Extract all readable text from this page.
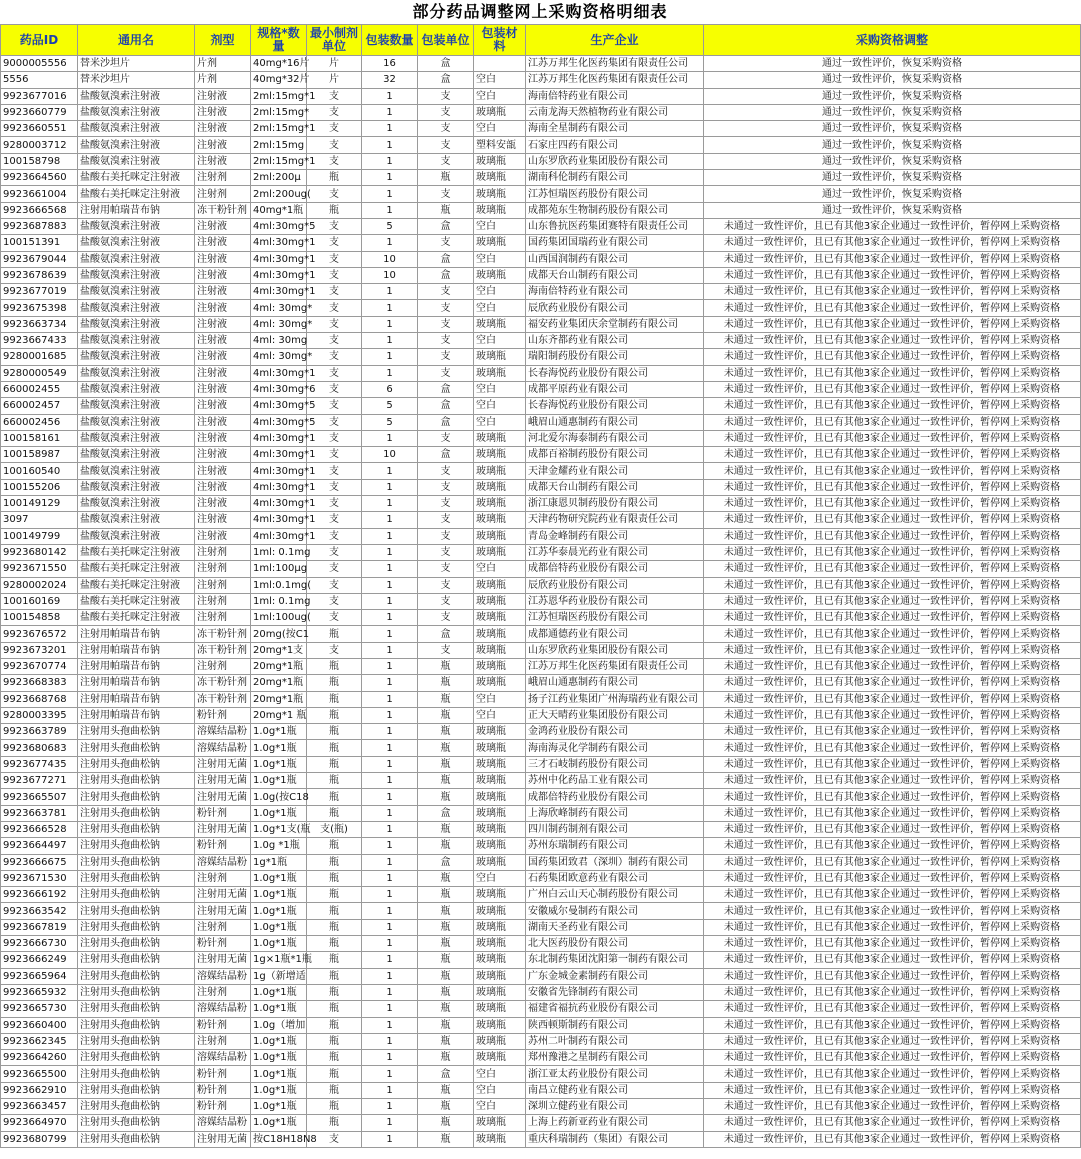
部分药品调整网上采购资格明细表
药品ID	通用名	剂型	规格*数量	最小制剂单位	包装数量	包装单位	包装材料	生产企业	采购资格调整
9000005556	替米沙坦片	片剂	40mg*16片	片	16	盒		江苏万邦生化医药集团有限责任公司	通过一致性评价，恢复采购资格
5556	替米沙坦片	片剂	40mg*32片	片	32	盒	空白	江苏万邦生化医药集团有限责任公司	通过一致性评价，恢复采购资格
9923677016	盐酸氨溴索注射液	注射液	2ml:15mg*1	支	1	支	空白	海南倍特药业有限公司	通过一致性评价，恢复采购资格
9923660779	盐酸氨溴索注射液	注射液	2ml:15mg*	支	1	支	玻璃瓶	云南龙海天然植物药业有限公司	通过一致性评价，恢复采购资格
9923660551	盐酸氨溴索注射液	注射液	2ml:15mg*1	支	1	支	空白	海南全星制药有限公司	通过一致性评价，恢复采购资格
9280003712	盐酸氨溴索注射液	注射液	2ml:15mg	支	1	支	塑料安瓿	石家庄四药有限公司	通过一致性评价，恢复采购资格
100158798	盐酸氨溴索注射液	注射液	2ml:15mg*1	支	1	支	玻璃瓶	山东罗欣药业集团股份有限公司	通过一致性评价，恢复采购资格
9923664560	盐酸右美托咪定注射液	注射剂	2ml:200μ	瓶	1	瓶	玻璃瓶	湖南科伦制药有限公司	通过一致性评价，恢复采购资格
9923661004	盐酸右美托咪定注射液	注射剂	2ml:200ug(	支	1	支	玻璃瓶	江苏恒瑞医药股份有限公司	通过一致性评价，恢复采购资格
9923666568	注射用帕瑞昔布钠	冻干粉针剂	40mg*1瓶	瓶	1	瓶	玻璃瓶	成都苑东生物制药股份有限公司	通过一致性评价，恢复采购资格
9923687883	盐酸氨溴索注射液	注射液	4ml:30mg*5	支	5	盒	空白	山东鲁抗医药集团赛特有限责任公司	未通过一致性评价，且已有其他3家企业通过一致性评价，暂停网上采购资格
100151391	盐酸氨溴索注射液	注射液	4ml:30mg*1	支	1	支	玻璃瓶	国药集团国瑞药业有限公司	未通过一致性评价，且已有其他3家企业通过一致性评价，暂停网上采购资格
9923679044	盐酸氨溴索注射液	注射液	4ml:30mg*1	支	10	盒	空白	山西国润制药有限公司	未通过一致性评价，且已有其他3家企业通过一致性评价，暂停网上采购资格
9923678639	盐酸氨溴索注射液	注射液	4ml:30mg*1	支	10	盒	玻璃瓶	成都天台山制药有限公司	未通过一致性评价，且已有其他3家企业通过一致性评价，暂停网上采购资格
9923677019	盐酸氨溴索注射液	注射液	4ml:30mg*1	支	1	支	空白	海南倍特药业有限公司	未通过一致性评价，且已有其他3家企业通过一致性评价，暂停网上采购资格
9923675398	盐酸氨溴索注射液	注射液	4ml: 30mg*	支	1	支	空白	辰欣药业股份有限公司	未通过一致性评价，且已有其他3家企业通过一致性评价，暂停网上采购资格
9923663734	盐酸氨溴索注射液	注射液	4ml: 30mg*	支	1	支	玻璃瓶	福安药业集团庆余堂制药有限公司	未通过一致性评价，且已有其他3家企业通过一致性评价，暂停网上采购资格
9923667433	盐酸氨溴索注射液	注射液	4ml: 30mg	支	1	支	空白	山东齐都药业有限公司	未通过一致性评价，且已有其他3家企业通过一致性评价，暂停网上采购资格
9280001685	盐酸氨溴索注射液	注射液	4ml: 30mg*	支	1	支	玻璃瓶	瑞阳制药股份有限公司	未通过一致性评价，且已有其他3家企业通过一致性评价，暂停网上采购资格
9280000549	盐酸氨溴索注射液	注射液	4ml:30mg*1	支	1	支	玻璃瓶	长春海悦药业股份有限公司	未通过一致性评价，且已有其他3家企业通过一致性评价，暂停网上采购资格
660002455	盐酸氨溴索注射液	注射液	4ml:30mg*6	支	6	盒	空白	成都平原药业有限公司	未通过一致性评价，且已有其他3家企业通过一致性评价，暂停网上采购资格
660002457	盐酸氨溴索注射液	注射液	4ml:30mg*5	支	5	盒	空白	长春海悦药业股份有限公司	未通过一致性评价，且已有其他3家企业通过一致性评价，暂停网上采购资格
660002456	盐酸氨溴索注射液	注射液	4ml:30mg*5	支	5	盒	空白	峨眉山通惠制药有限公司	未通过一致性评价，且已有其他3家企业通过一致性评价，暂停网上采购资格
100158161	盐酸氨溴索注射液	注射液	4ml:30mg*1	支	1	支	玻璃瓶	河北爱尔海泰制药有限公司	未通过一致性评价，且已有其他3家企业通过一致性评价，暂停网上采购资格
100158987	盐酸氨溴索注射液	注射液	4ml:30mg*1	支	10	盒	玻璃瓶	成都百裕制药股份有限公司	未通过一致性评价，且已有其他3家企业通过一致性评价，暂停网上采购资格
100160540	盐酸氨溴索注射液	注射液	4ml:30mg*1	支	1	支	玻璃瓶	天津金耀药业有限公司	未通过一致性评价，且已有其他3家企业通过一致性评价，暂停网上采购资格
100155206	盐酸氨溴索注射液	注射液	4ml:30mg*1	支	1	支	玻璃瓶	成都天台山制药有限公司	未通过一致性评价，且已有其他3家企业通过一致性评价，暂停网上采购资格
100149129	盐酸氨溴索注射液	注射液	4ml:30mg*1	支	1	支	玻璃瓶	浙江康恩贝制药股份有限公司	未通过一致性评价，且已有其他3家企业通过一致性评价，暂停网上采购资格
3097	盐酸氨溴索注射液	注射液	4ml:30mg*1	支	1	支	玻璃瓶	天津药物研究院药业有限责任公司	未通过一致性评价，且已有其他3家企业通过一致性评价，暂停网上采购资格
100149799	盐酸氨溴索注射液	注射液	4ml:30mg*1	支	1	支	玻璃瓶	青岛金峰制药有限公司	未通过一致性评价，且已有其他3家企业通过一致性评价，暂停网上采购资格
9923680142	盐酸右美托咪定注射液	注射剂	1ml: 0.1mg	支	1	支	玻璃瓶	江苏华泰晨光药业有限公司	未通过一致性评价，且已有其他3家企业通过一致性评价，暂停网上采购资格
9923671550	盐酸右美托咪定注射液	注射剂	1ml:100μg	支	1	支	空白	成都倍特药业股份有限公司	未通过一致性评价，且已有其他3家企业通过一致性评价，暂停网上采购资格
9280002024	盐酸右美托咪定注射液	注射剂	1ml:0.1mg(	支	1	支	玻璃瓶	辰欣药业股份有限公司	未通过一致性评价，且已有其他3家企业通过一致性评价，暂停网上采购资格
100160169	盐酸右美托咪定注射液	注射剂	1ml: 0.1mg	支	1	支	玻璃瓶	江苏恩华药业股份有限公司	未通过一致性评价，且已有其他3家企业通过一致性评价，暂停网上采购资格
100154858	盐酸右美托咪定注射液	注射剂	1ml:100ug(	支	1	支	玻璃瓶	江苏恒瑞医药股份有限公司	未通过一致性评价，且已有其他3家企业通过一致性评价，暂停网上采购资格
9923676572	注射用帕瑞昔布钠	冻干粉针剂	20mg(按C1	瓶	1	盒	玻璃瓶	成都通德药业有限公司	未通过一致性评价，且已有其他3家企业通过一致性评价，暂停网上采购资格
9923673201	注射用帕瑞昔布钠	冻干粉针剂	20mg*1支	支	1	支	玻璃瓶	山东罗欣药业集团股份有限公司	未通过一致性评价，且已有其他3家企业通过一致性评价，暂停网上采购资格
9923670774	注射用帕瑞昔布钠	注射剂	20mg*1瓶	瓶	1	瓶	玻璃瓶	江苏万邦生化医药集团有限责任公司	未通过一致性评价，且已有其他3家企业通过一致性评价，暂停网上采购资格
9923668383	注射用帕瑞昔布钠	冻干粉针剂	20mg*1瓶	瓶	1	瓶	玻璃瓶	峨眉山通惠制药有限公司	未通过一致性评价，且已有其他3家企业通过一致性评价，暂停网上采购资格
9923668768	注射用帕瑞昔布钠	冻干粉针剂	20mg*1瓶	瓶	1	瓶	空白	扬子江药业集团广州海瑞药业有限公司	未通过一致性评价，且已有其他3家企业通过一致性评价，暂停网上采购资格
9280003395	注射用帕瑞昔布钠	粉针剂	20mg*1 瓶	瓶	1	瓶	空白	正大天晴药业集团股份有限公司	未通过一致性评价，且已有其他3家企业通过一致性评价，暂停网上采购资格
9923663789	注射用头孢曲松钠	溶媒结晶粉	1.0g*1瓶	瓶	1	瓶	玻璃瓶	金鸿药业股份有限公司	未通过一致性评价，且已有其他3家企业通过一致性评价，暂停网上采购资格
9923680683	注射用头孢曲松钠	溶媒结晶粉	1.0g*1瓶	瓶	1	瓶	玻璃瓶	海南海灵化学制药有限公司	未通过一致性评价，且已有其他3家企业通过一致性评价，暂停网上采购资格
9923677435	注射用头孢曲松钠	注射用无菌	1.0g*1瓶	瓶	1	瓶	玻璃瓶	三才石岐制药股份有限公司	未通过一致性评价，且已有其他3家企业通过一致性评价，暂停网上采购资格
9923677271	注射用头孢曲松钠	注射用无菌	1.0g*1瓶	瓶	1	瓶	玻璃瓶	苏州中化药品工业有限公司	未通过一致性评价，且已有其他3家企业通过一致性评价，暂停网上采购资格
9923665507	注射用头孢曲松钠	注射用无菌	1.0g(按C18	瓶	1	瓶	玻璃瓶	成都倍特药业股份有限公司	未通过一致性评价，且已有其他3家企业通过一致性评价，暂停网上采购资格
9923663781	注射用头孢曲松钠	粉针剂	1.0g*1瓶	瓶	1	盒	玻璃瓶	上海欣峰制药有限公司	未通过一致性评价，且已有其他3家企业通过一致性评价，暂停网上采购资格
9923666528	注射用头孢曲松钠	注射用无菌	1.0g*1支(瓶	支(瓶)	1	瓶	玻璃瓶	四川制药制剂有限公司	未通过一致性评价，且已有其他3家企业通过一致性评价，暂停网上采购资格
9923664497	注射用头孢曲松钠	粉针剂	1.0g *1瓶	瓶	1	瓶	玻璃瓶	苏州东瑞制药有限公司	未通过一致性评价，且已有其他3家企业通过一致性评价，暂停网上采购资格
9923666675	注射用头孢曲松钠	溶媒结晶粉	1g*1瓶	瓶	1	盒	玻璃瓶	国药集团致君（深圳）制药有限公司	未通过一致性评价，且已有其他3家企业通过一致性评价，暂停网上采购资格
9923671530	注射用头孢曲松钠	注射剂	1.0g*1瓶	瓶	1	瓶	空白	石药集团欧意药业有限公司	未通过一致性评价，且已有其他3家企业通过一致性评价，暂停网上采购资格
9923666192	注射用头孢曲松钠	注射用无菌	1.0g*1瓶	瓶	1	瓶	玻璃瓶	广州白云山天心制药股份有限公司	未通过一致性评价，且已有其他3家企业通过一致性评价，暂停网上采购资格
9923663542	注射用头孢曲松钠	注射用无菌	1.0g*1瓶	瓶	1	瓶	玻璃瓶	安徽威尔曼制药有限公司	未通过一致性评价，且已有其他3家企业通过一致性评价，暂停网上采购资格
9923667819	注射用头孢曲松钠	注射剂	1.0g*1瓶	瓶	1	瓶	玻璃瓶	湖南天圣药业有限公司	未通过一致性评价，且已有其他3家企业通过一致性评价，暂停网上采购资格
9923666730	注射用头孢曲松钠	粉针剂	1.0g*1瓶	瓶	1	瓶	玻璃瓶	北大医药股份有限公司	未通过一致性评价，且已有其他3家企业通过一致性评价，暂停网上采购资格
9923666249	注射用头孢曲松钠	注射用无菌	1g×1瓶*1瓶	瓶	1	瓶	玻璃瓶	东北制药集团沈阳第一制药有限公司	未通过一致性评价，且已有其他3家企业通过一致性评价，暂停网上采购资格
9923665964	注射用头孢曲松钠	溶媒结晶粉	1g（新增适	瓶	1	瓶	玻璃瓶	广东金城金素制药有限公司	未通过一致性评价，且已有其他3家企业通过一致性评价，暂停网上采购资格
9923665932	注射用头孢曲松钠	注射剂	1.0g*1瓶	瓶	1	瓶	玻璃瓶	安徽省先锋制药有限公司	未通过一致性评价，且已有其他3家企业通过一致性评价，暂停网上采购资格
9923665730	注射用头孢曲松钠	溶媒结晶粉	1.0g*1瓶	瓶	1	瓶	玻璃瓶	福建省福抗药业股份有限公司	未通过一致性评价，且已有其他3家企业通过一致性评价，暂停网上采购资格
9923660400	注射用头孢曲松钠	粉针剂	1.0g（增加	瓶	1	瓶	玻璃瓶	陕西顿斯制药有限公司	未通过一致性评价，且已有其他3家企业通过一致性评价，暂停网上采购资格
9923662345	注射用头孢曲松钠	注射剂	1.0g*1瓶	瓶	1	瓶	玻璃瓶	苏州二叶制药有限公司	未通过一致性评价，且已有其他3家企业通过一致性评价，暂停网上采购资格
9923664260	注射用头孢曲松钠	溶媒结晶粉	1.0g*1瓶	瓶	1	瓶	玻璃瓶	郑州豫港之星制药有限公司	未通过一致性评价，且已有其他3家企业通过一致性评价，暂停网上采购资格
9923665500	注射用头孢曲松钠	粉针剂	1.0g*1瓶	瓶	1	盒	空白	浙江亚太药业股份有限公司	未通过一致性评价，且已有其他3家企业通过一致性评价，暂停网上采购资格
9923662910	注射用头孢曲松钠	粉针剂	1.0g*1瓶	瓶	1	瓶	空白	南昌立健药业有限公司	未通过一致性评价，且已有其他3家企业通过一致性评价，暂停网上采购资格
9923663457	注射用头孢曲松钠	粉针剂	1.0g*1瓶	瓶	1	瓶	空白	深圳立健药业有限公司	未通过一致性评价，且已有其他3家企业通过一致性评价，暂停网上采购资格
9923664970	注射用头孢曲松钠	溶媒结晶粉	1.0g*1瓶	瓶	1	瓶	玻璃瓶	上海上药新亚药业有限公司	未通过一致性评价，且已有其他3家企业通过一致性评价，暂停网上采购资格
9923680799	注射用头孢曲松钠	注射用无菌	按C18H18N8	支	1	瓶	玻璃瓶	重庆科瑞制药（集团）有限公司	未通过一致性评价，且已有其他3家企业通过一致性评价，暂停网上采购资格
